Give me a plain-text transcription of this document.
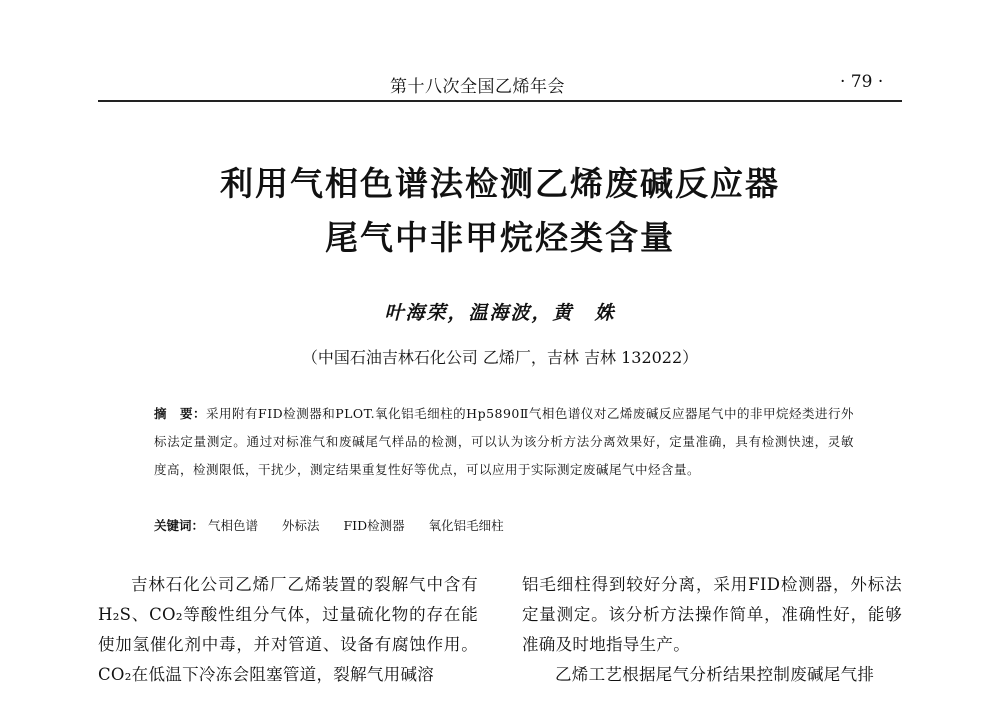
第十八次全国乙烯年会	· 79 ·
利用气相色谱法检测乙烯废碱反应器
尾气中非甲烷烃类含量
叶海荣，温海波，黄　姝
（中国石油吉林石化公司 乙烯厂，吉林 吉林 132022）
摘　要：采用附有FID检测器和PLOT.氧化铝毛细柱的Hp5890Ⅱ气相色谱仪对乙烯废碱反应器尾气中的非甲烷烃类进行外标法定量测定。通过对标准气和废碱尾气样品的检测，可以认为该分析方法分离效果好，定量准确，具有检测快速，灵敏度高，检测限低，干扰少，测定结果重复性好等优点，可以应用于实际测定废碱尾气中烃含量。
关键词： 气相色谱 外标法 FID检测器 氧化铝毛细柱

吉林石化公司乙烯厂乙烯装置的裂解气中含有H₂S、CO₂等酸性组分气体，过量硫化物的存在能使加氢催化剂中毒，并对管道、设备有腐蚀作用。CO₂在低温下冷冻会阻塞管道，裂解气用碱溶

铝毛细柱得到较好分离，采用FID检测器，外标法定量测定。该分析方法操作简单，准确性好，能够准确及时地指导生产。

乙烯工艺根据尾气分析结果控制废碱尾气排
